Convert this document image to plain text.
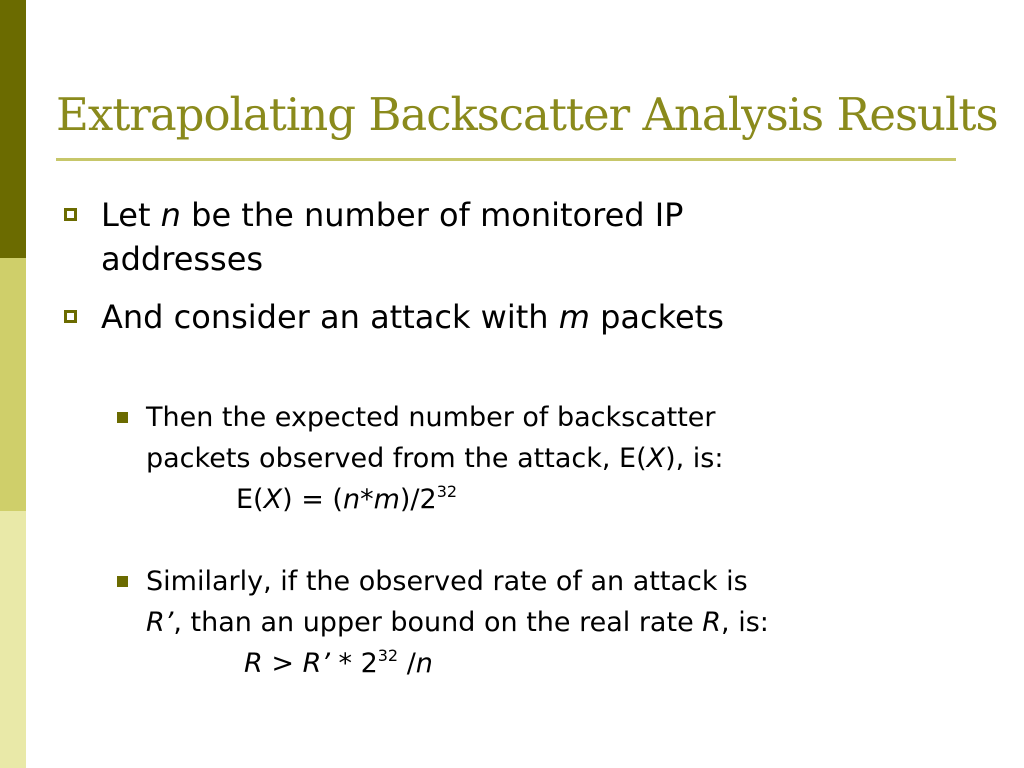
Extrapolating Backscatter Analysis Results
Let n be the number of monitored IP
addresses
And consider an attack with m packets
Then the expected number of backscatter
packets observed from the attack, E(X), is:
$E(X) = (n*m)/2^{32}$
Similarly, if the observed rate of an attack is
R’, than an upper bound on the real rate R, is:
R > R’ * $2^{32}$ /n
